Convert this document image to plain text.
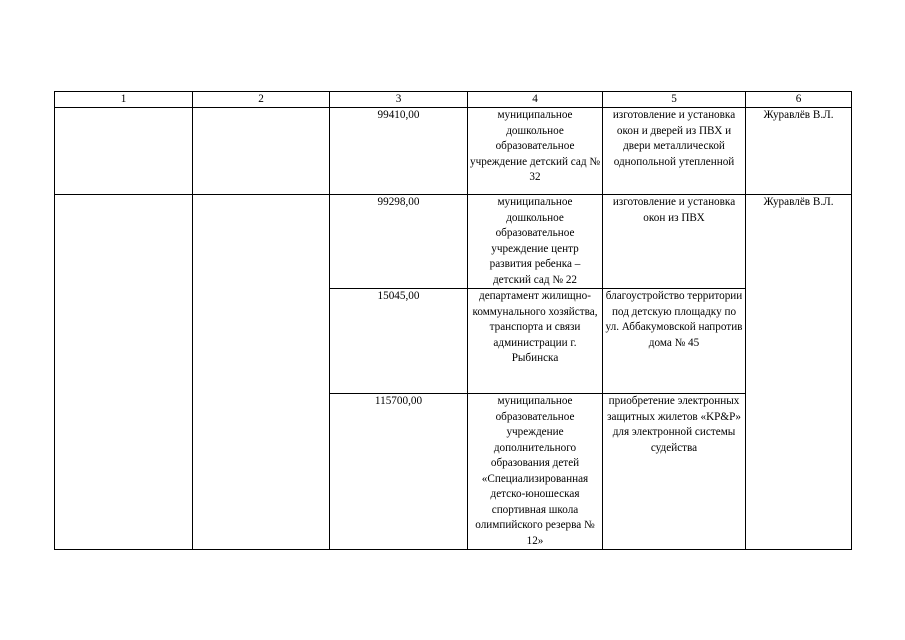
1	2	3	4	5	6
		99410,00	муниципальное дошкольное образовательное учреждение детский сад № 32	изготовление и установка окон и дверей из ПВХ и двери металлической однопольной утепленной	Журавлёв В.Л.
		99298,00	муниципальное дошкольное образовательное учреждение центр развития ребенка – детский сад № 22	изготовление и установка окон из ПВХ	Журавлёв В.Л.
		15045,00	департамент жилищно-коммунального хозяйства, транспорта и связи администрации г. Рыбинска	благоустройство территории под детскую площадку по ул. Аббакумовской напротив дома № 45	

		115700,00	муниципальное образовательное учреждение дополнительного образования детей «Специализированная детско-юношеская спортивная школа олимпийского резерва № 12»	приобретение электронных защитных жилетов «KP&P» для электронной системы судейства	
